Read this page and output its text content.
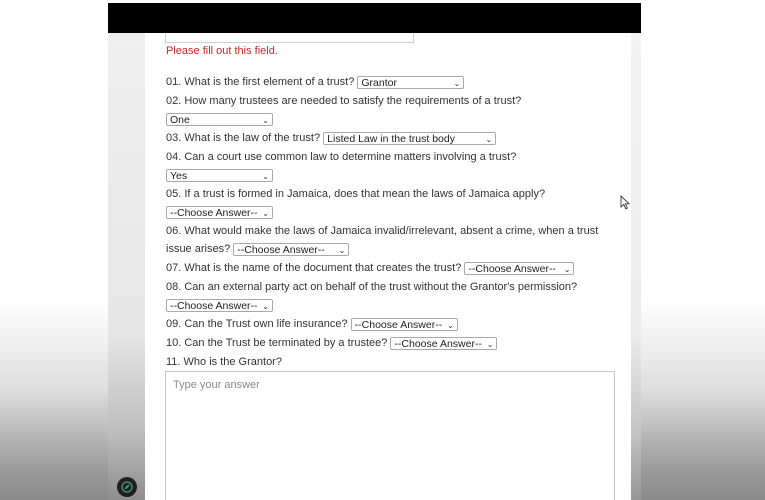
Please fill out this field.
01. What is the first element of a trust? Grantor	⌄
02. How many trustees are needed to satisfy the requirements of a trust?
One	⌄
03. What is the law of the trust? Listed Law in the trust body	⌄
04. Can a court use common law to determine matters involving a trust?
Yes	⌄
05. If a trust is formed in Jamaica, does that mean the laws of Jamaica apply?
--Choose Answer-- ⌄
06. What would make the laws of Jamaica invalid/irrelevant, absent a crime, when a trust
issue arises? --Choose Answer-- ⌄
07. What is the name of the document that creates the trust? --Choose Answer-- ⌄
08. Can an external party act on behalf of the trust without the Grantor's permission?
--Choose Answer-- ⌄
09. Can the Trust own life insurance? --Choose Answer-- ⌄
10. Can the Trust be terminated by a trustee? --Choose Answer-- ⌄
11. Who is the Grantor?
Type your answer
